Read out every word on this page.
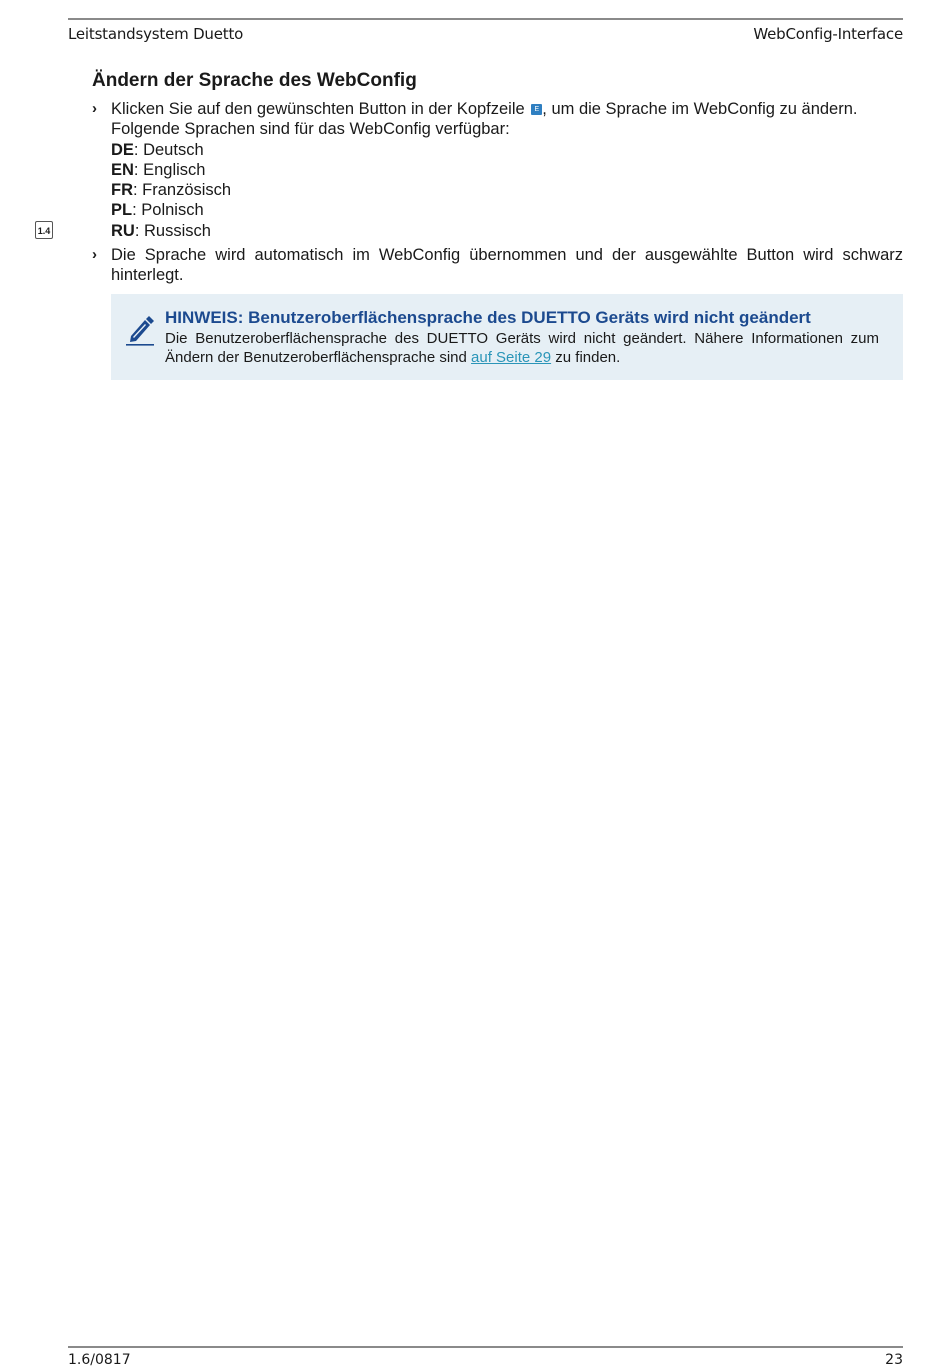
Leitstandsystem Duetto	WebConfig-Interface
Ändern der Sprache des WebConfig
1.4
› Klicken Sie auf den gewünschten Button in der Kopfzeile E , um die Sprache im WebConfig zu ändern.
Folgende Sprachen sind für das WebConfig verfügbar:
DE: Deutsch
EN: Englisch
FR: Französisch
PL: Polnisch
RU: Russisch
› Die Sprache wird automatisch im WebConfig übernommen und der ausgewählte Button wird schwarz hinterlegt.
HINWEIS: Benutzeroberflächensprache des DUETTO Geräts wird nicht geändert
Die Benutzeroberflächensprache des DUETTO Geräts wird nicht geändert. Nähere Informationen zum Ändern der Benutzeroberflächensprache sind auf Seite 29 zu finden.
1.6/0817	23
